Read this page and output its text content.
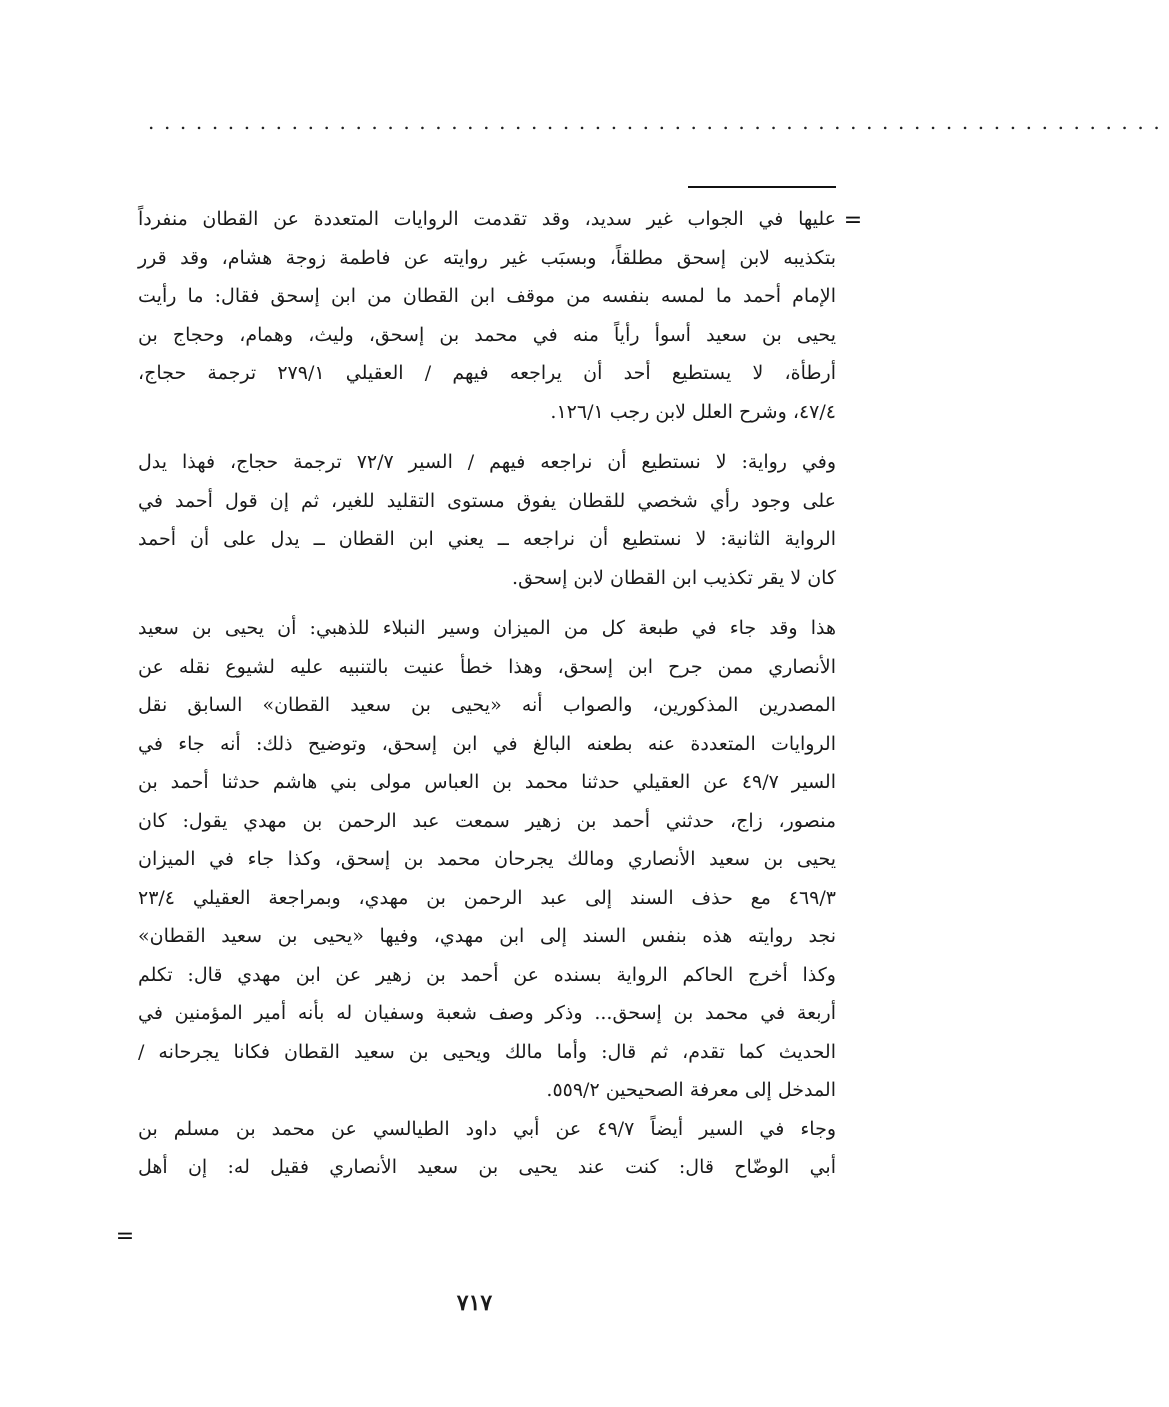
................................................................
=

عليها في الجواب غير سديد، وقد تقدمت الروايات المتعددة عن القطان منفرداً
بتكذيبه لابن إسحق مطلقاً، وبسبَب غير روايته عن فاطمة زوجة هشام، وقد قرر
الإمام أحمد ما لمسه بنفسه من موقف ابن القطان من ابن إسحق فقال: ما رأيت
يحيى بن سعيد أسوأ رأياً منه في محمد بن إسحق، وليث، وهمام، وحجاج بن
أرطأة، لا يستطيع أحد أن يراجعه فيهم / العقيلي ٢٧٩/١ ترجمة حجاج،
٤٧/٤، وشرح العلل لابن رجب ١٢٦/١.

وفي رواية: لا نستطيع أن نراجعه فيهم / السير ٧٢/٧ ترجمة حجاج، فهذا يدل
على وجود رأي شخصي للقطان يفوق مستوى التقليد للغير، ثم إن قول أحمد في
الرواية الثانية: لا نستطيع أن نراجعه ــ يعني ابن القطان ــ يدل على أن أحمد
كان لا يقر تكذيب ابن القطان لابن إسحق.

هذا وقد جاء في طبعة كل من الميزان وسير النبلاء للذهبي: أن يحيى بن سعيد
الأنصاري ممن جرح ابن إسحق، وهذا خطأ عنيت بالتنبيه عليه لشيوع نقله عن
المصدرين المذكورين، والصواب أنه «يحيى بن سعيد القطان» السابق نقل
الروايات المتعددة عنه بطعنه البالغ في ابن إسحق، وتوضيح ذلك: أنه جاء في
السير ٤٩/٧ عن العقيلي حدثنا محمد بن العباس مولى بني هاشم حدثنا أحمد بن
منصور، زاج، حدثني أحمد بن زهير سمعت عبد الرحمن بن مهدي يقول: كان
يحيى بن سعيد الأنصاري ومالك يجرحان محمد بن إسحق، وكذا جاء في الميزان
٤٦٩/٣ مع حذف السند إلى عبد الرحمن بن مهدي، وبمراجعة العقيلي ٢٣/٤
نجد روايته هذه بنفس السند إلى ابن مهدي، وفيها «يحيى بن سعيد القطان»
وكذا أخرج الحاكم الرواية بسنده عن أحمد بن زهير عن ابن مهدي قال: تكلم
أربعة في محمد بن إسحق... وذكر وصف شعبة وسفيان له بأنه أمير المؤمنين في
الحديث كما تقدم، ثم قال: وأما مالك ويحيى بن سعيد القطان فكانا يجرحانه /
المدخل إلى معرفة الصحيحين ٥٥٩/٢.

وجاء في السير أيضاً ٤٩/٧ عن أبي داود الطيالسي عن محمد بن مسلم بن
أبي الوضّاح قال: كنت عند يحيى بن سعيد الأنصاري فقيل له: إن أهل

=
٧١٧
